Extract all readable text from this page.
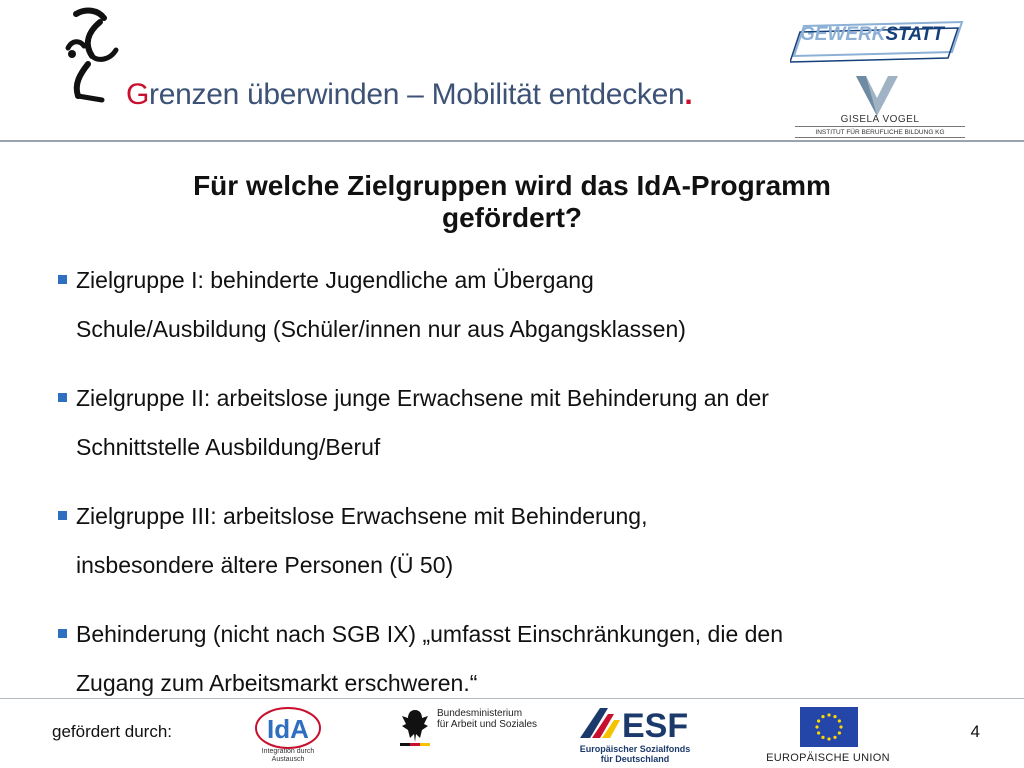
Grenzen überwinden – Mobilität entdecken.
GEWERKSTATT
GISELA VOGEL
INSTITUT FÜR BERUFLICHE BILDUNG KG
Für welche Zielgruppen wird das IdA-Programm
gefördert?
Zielgruppe I: behinderte Jugendliche am Übergang
Schule/Ausbildung (Schüler/innen nur aus Abgangsklassen)
Zielgruppe II: arbeitslose junge Erwachsene mit Behinderung an der
Schnittstelle Ausbildung/Beruf
Zielgruppe III: arbeitslose Erwachsene mit Behinderung,
insbesondere ältere Personen (Ü 50)
Behinderung (nicht nach SGB IX) „umfasst Einschränkungen, die den
Zugang zum Arbeitsmarkt erschweren.“
gefördert durch:	IdA
Integration durch
Austausch
Bundesministerium
für Arbeit und Soziales ESF
Europäischer Sozialfonds
für Deutschland	EUROPÄISCHE UNION
4
